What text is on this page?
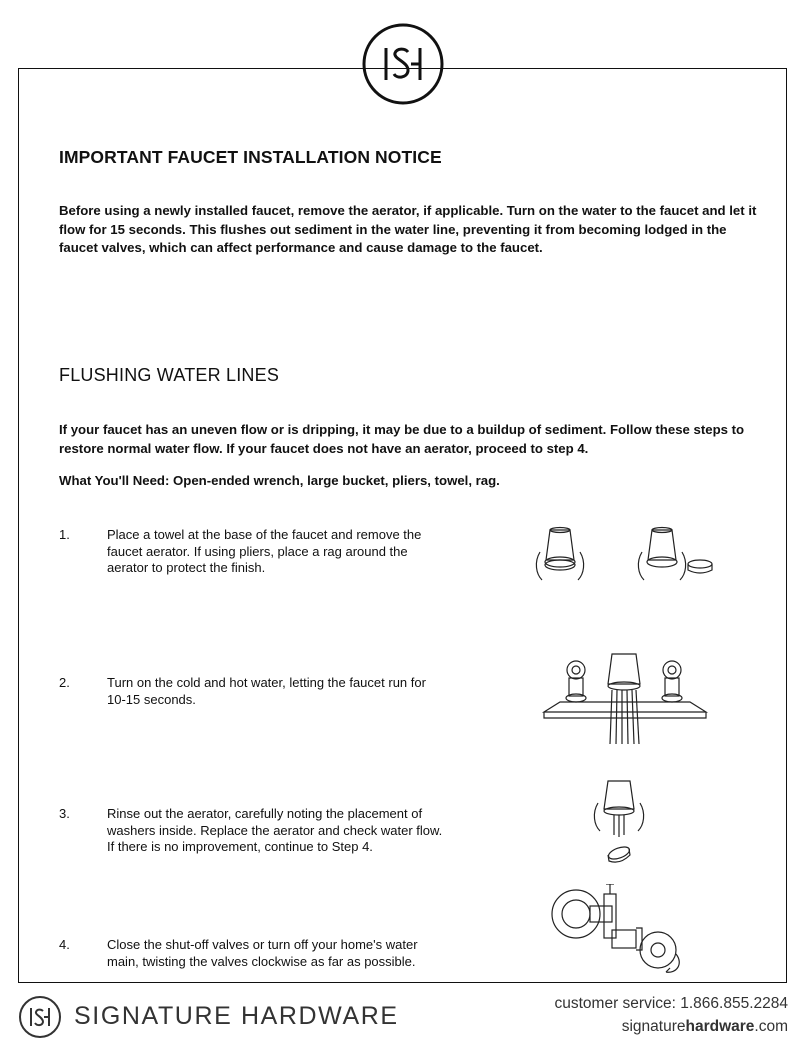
IMPORTANT FAUCET INSTALLATION NOTICE

Before using a newly installed faucet, remove the aerator, if applicable. Turn on the water to the faucet and let it flow for 15 seconds. This flushes out sediment in the water line, preventing it from becoming lodged in the faucet valves, which can affect performance and cause damage to the faucet.

FLUSHING WATER LINES

If your faucet has an uneven flow or is dripping, it may be due to a buildup of sediment. Follow these steps to restore normal water flow. If your faucet does not have an aerator, proceed to step 4.

What You'll Need: Open-ended wrench, large bucket, pliers, towel, rag.

1.	Place a towel at the base of the faucet and remove the faucet aerator. If using pliers, place a rag around the aerator to protect the finish.
2.	Turn on the cold and hot water, letting the faucet run for 10-15 seconds.
3.	Rinse out the aerator, carefully noting the placement of washers inside. Replace the aerator and check water flow. If there is no improvement, continue to Step 4.
4.	Close the shut-off valves or turn off your home's water main, twisting the valves clockwise as far as possible.
SIGNATURE HARDWARE	customer service: 1.866.855.2284
signaturehardware.com
